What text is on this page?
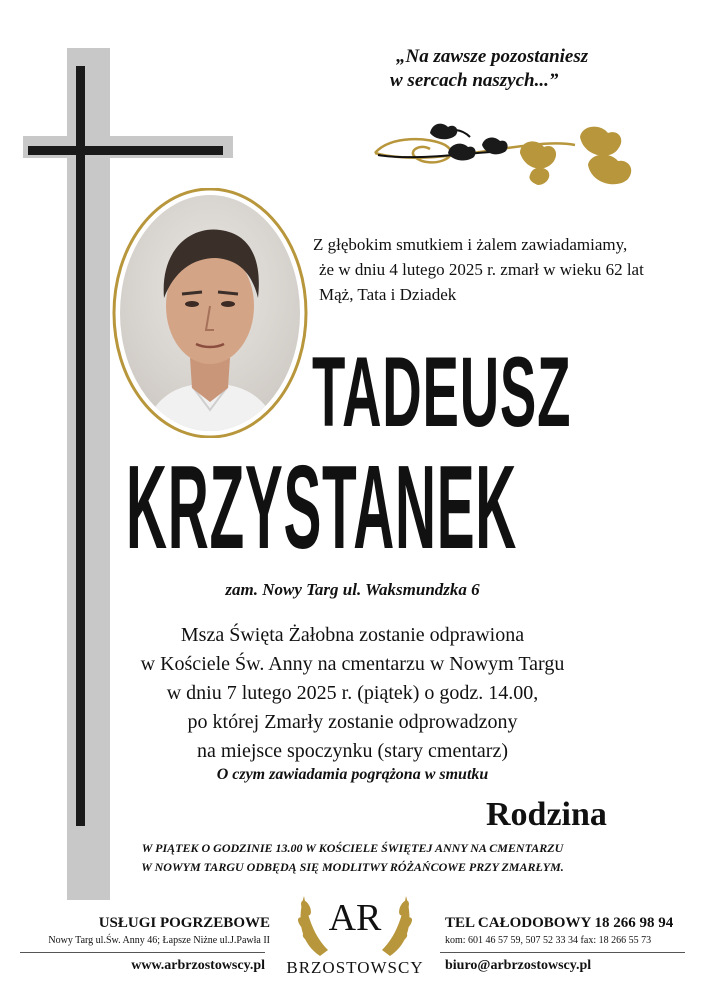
„Na zawsze pozostaniesz
w sercach naszych...”
Z głębokim smutkiem i żalem zawiadamiamy,
że w dniu 4 lutego 2025 r. zmarł w wieku 62 lat
Mąż, Tata i Dziadek
TADEUSZ
KRZYSTANEK
zam. Nowy Targ ul. Waksmundzka 6
Msza Święta Żałobna zostanie odprawiona
w Kościele Św. Anny na cmentarzu w Nowym Targu
w dniu 7 lutego 2025 r. (piątek) o godz. 14.00,
po której Zmarły zostanie odprowadzony
na miejsce spoczynku (stary cmentarz)
O czym zawiadamia pogrążona w smutku
Rodzina
W PIĄTEK O GODZINIE 13.00 W KOŚCIELE ŚWIĘTEJ ANNY NA CMENTARZU
W NOWYM TARGU ODBĘDĄ SIĘ MODLITWY RÓŻAŃCOWE PRZY ZMARŁYM.
USŁUGI POGRZEBOWE
Nowy Targ ul.Św. Anny 46; Łapsze Niżne ul.J.Pawła II
www.arbrzostowscy.pl
AR
BRZOSTOWSCY
TEL CAŁODOBOWY 18 266 98 94
kom: 601 46 57 59, 507 52 33 34 fax: 18 266 55 73
biuro@arbrzostowscy.pl
